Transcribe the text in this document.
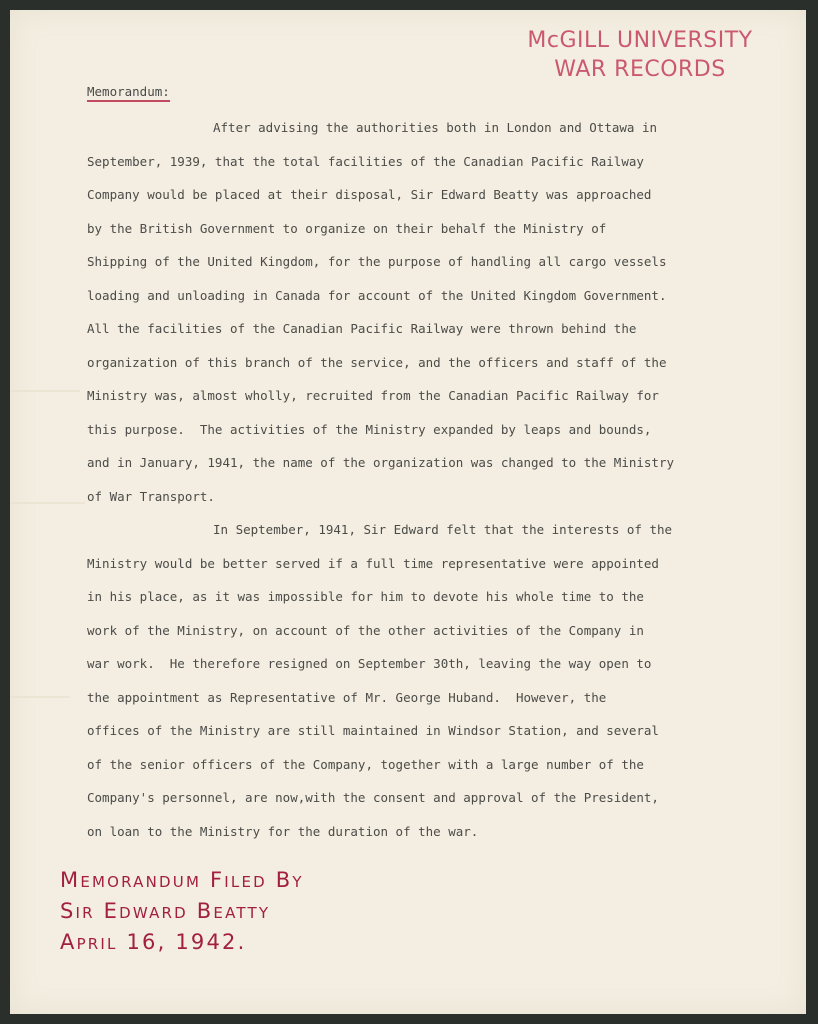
McGILL UNIVERSITY
WAR RECORDS
Memorandum:

After advising the authorities both in London and Ottawa in
September, 1939, that the total facilities of the Canadian Pacific Railway
Company would be placed at their disposal, Sir Edward Beatty was approached
by the British Government to organize on their behalf the Ministry of
Shipping of the United Kingdom, for the purpose of handling all cargo vessels
loading and unloading in Canada for account of the United Kingdom Government.
All the facilities of the Canadian Pacific Railway were thrown behind the
organization of this branch of the service, and the officers and staff of the
Ministry was, almost wholly, recruited from the Canadian Pacific Railway for
this purpose.  The activities of the Ministry expanded by leaps and bounds,
and in January, 1941, the name of the organization was changed to the Ministry
of War Transport.

In September, 1941, Sir Edward felt that the interests of the
Ministry would be better served if a full time representative were appointed
in his place, as it was impossible for him to devote his whole time to the
work of the Ministry, on account of the other activities of the Company in
war work.  He therefore resigned on September 30th, leaving the way open to
the appointment as Representative of Mr. George Huband.  However, the
offices of the Ministry are still maintained in Windsor Station, and several
of the senior officers of the Company, together with a large number of the
Company's personnel, are now,with the consent and approval of the President,
on loan to the Ministry for the duration of the war.

Memorandum Filed By
Sir Edward Beatty
April 16, 1942.
